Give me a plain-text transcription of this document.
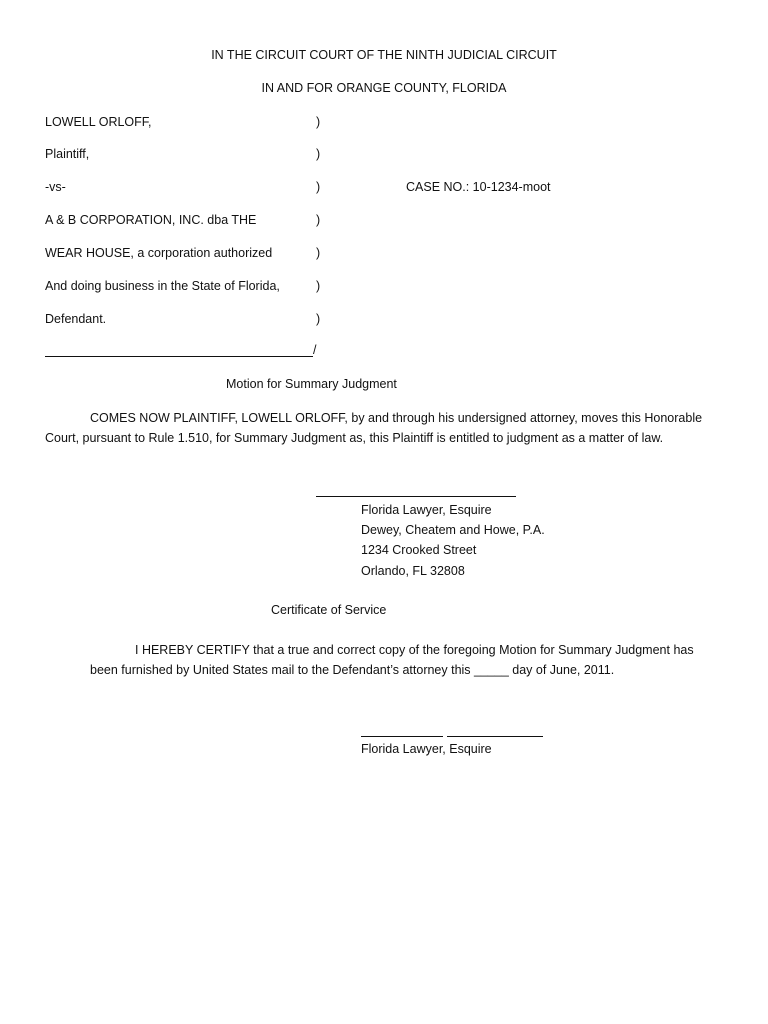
IN THE CIRCUIT COURT OF THE NINTH JUDICIAL CIRCUIT
IN AND FOR ORANGE COUNTY, FLORIDA
LOWELL ORLOFF,
Plaintiff,
-vs-
A & B CORPORATION, INC. dba THE
WEAR HOUSE, a corporation authorized
And doing business in the State of Florida,
Defendant.
)
)
)
)
)
)
)
CASE NO.: 10-1234-moot
/
Motion for Summary Judgment
COMES NOW PLAINTIFF, LOWELL ORLOFF, by and through his undersigned attorney, moves this Honorable Court, pursuant to Rule 1.510, for Summary Judgment as, this Plaintiff is entitled to judgment as a matter of law.
Florida Lawyer, Esquire
Dewey, Cheatem and Howe, P.A.
1234 Crooked Street
Orlando, FL 32808
Certificate of Service
I HEREBY CERTIFY that a true and correct copy of the foregoing Motion for Summary Judgment has been furnished by United States mail to the Defendant’s attorney this _____ day of June, 2011.
Florida Lawyer, Esquire
